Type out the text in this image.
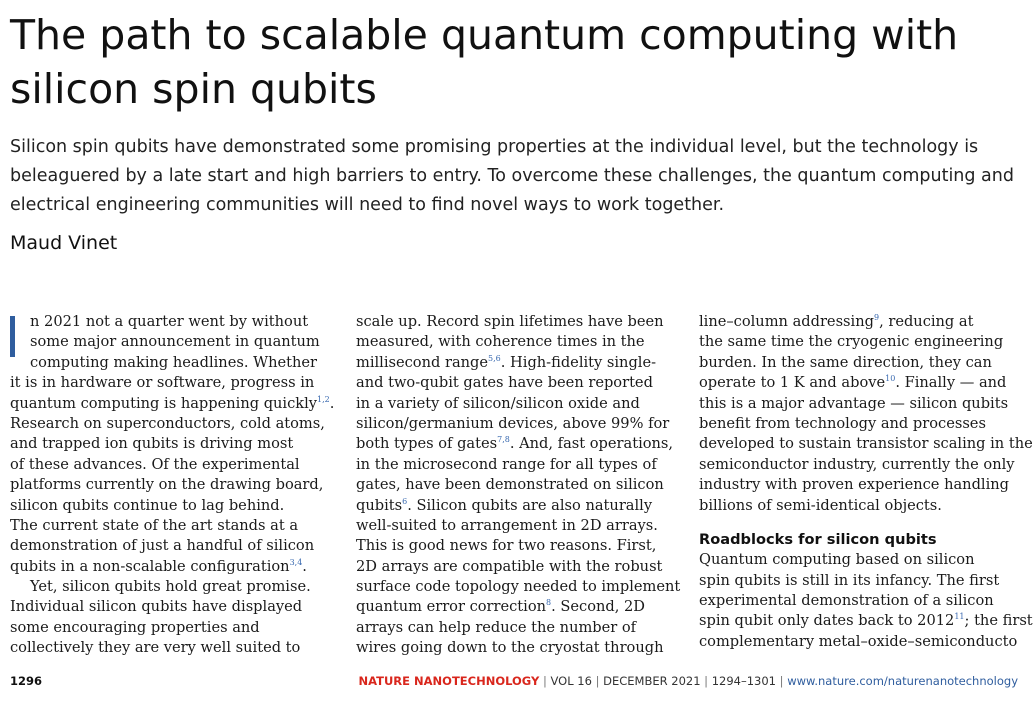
The path to scalable quantum computing with
silicon spin qubits

Silicon spin qubits have demonstrated some promising properties at the individual level, but the technology is
beleaguered by a late start and high barriers to entry. To overcome these challenges, the quantum computing and
electrical engineering communities will need to find novel ways to work together.

Maud Vinet

n 2021 not a quarter went by without
some major announcement in quantum
computing making headlines. Whether
it is in hardware or software, progress in
quantum computing is happening quickly$^{1,2}$.
Research on superconductors, cold atoms,
and trapped ion qubits is driving most
of these advances. Of the experimental
platforms currently on the drawing board,
silicon qubits continue to lag behind.
The current state of the art stands at a
demonstration of just a handful of silicon
qubits in a non-scalable configuration$^{3,4}$.
Yet, silicon qubits hold great promise.
Individual silicon qubits have displayed
some encouraging properties and
collectively they are very well suited to
scale up. Record spin lifetimes have been
measured, with coherence times in the
millisecond range$^{5,6}$. High-fidelity single-
and two-qubit gates have been reported
in a variety of silicon/silicon oxide and
silicon/germanium devices, above 99% for
both types of gates$^{7,8}$. And, fast operations,
in the microsecond range for all types of
gates, have been demonstrated on silicon
qubits$^6$. Silicon qubits are also naturally
well-suited to arrangement in 2D arrays.
This is good news for two reasons. First,
2D arrays are compatible with the robust
surface code topology needed to implement
quantum error correction$^8$. Second, 2D
arrays can help reduce the number of
wires going down to the cryostat through
line–column addressing$^9$, reducing at
the same time the cryogenic engineering
burden. In the same direction, they can
operate to 1 K and above$^{10}$. Finally — and
this is a major advantage — silicon qubits
benefit from technology and processes
developed to sustain transistor scaling in the
semiconductor industry, currently the only
industry with proven experience handling
billions of semi-identical objects.
Roadblocks for silicon qubits
Quantum computing based on silicon
spin qubits is still in its infancy. The first
experimental demonstration of a silicon
spin qubit only dates back to 2012$^{11}$; the first
complementary metal–oxide–semiconducto
1296	NATURE NANOTECHNOLOGY | VOL 16 | DECEMBER 2021 | 1294–1301 | www.nature.com/naturenanotechnology
